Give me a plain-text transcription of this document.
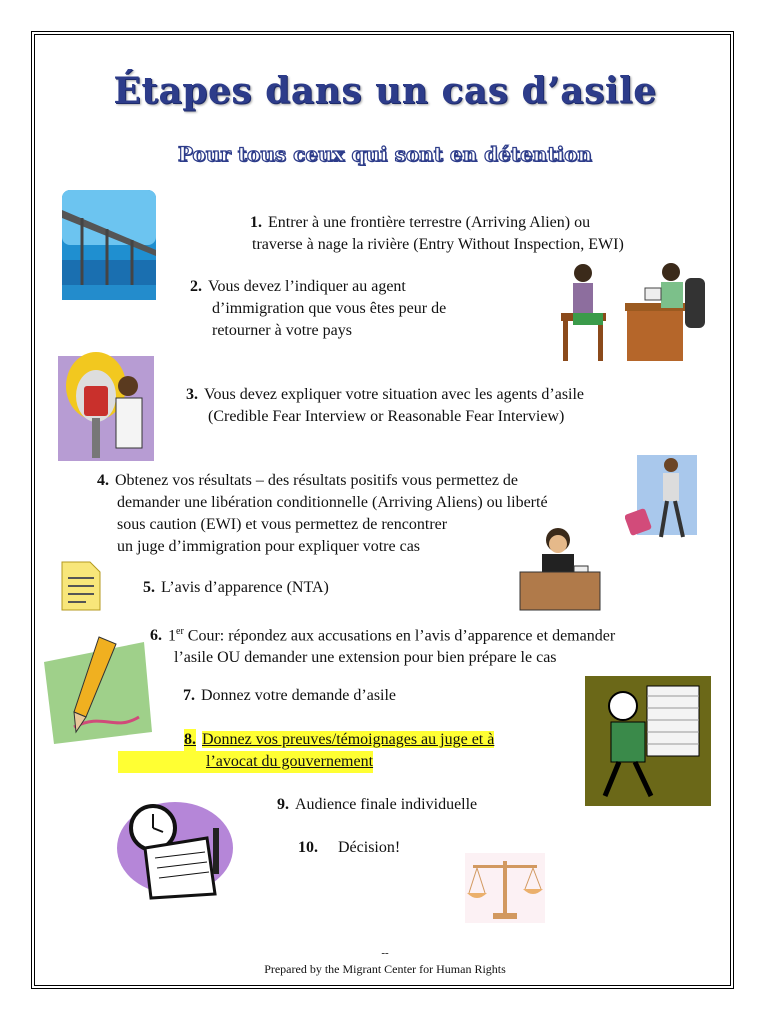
Étapes dans un cas d’asile
Pour tous ceux qui sont en détention
1. Entrer à une frontière terrestre (Arriving Alien) ou
traverse à nage la rivière (Entry Without Inspection, EWI)
2. Vous devez l’indiquer au agent
d’immigration que vous êtes peur de
retourner à votre pays
3. Vous devez expliquer votre situation avec les agents d’asile
(Credible Fear Interview or Reasonable Fear Interview)
4. Obtenez vos résultats – des résultats positifs vous permettez de
demander une libération conditionnelle (Arriving Aliens) ou liberté
sous caution (EWI) et vous permettez de rencontrer
un juge d’immigration pour expliquer votre cas
5. L’avis d’apparence (NTA)
6. 1er Cour: répondez aux accusations en l’avis d’apparence et demander
l’asile OU demander une extension pour bien prépare le cas
7. Donnez votre demande d’asile
8. Donnez vos preuves/témoignages au juge et à
l’avocat du gouvernement
9. Audience finale individuelle
10. Décision!
--
Prepared by the Migrant Center for Human Rights
